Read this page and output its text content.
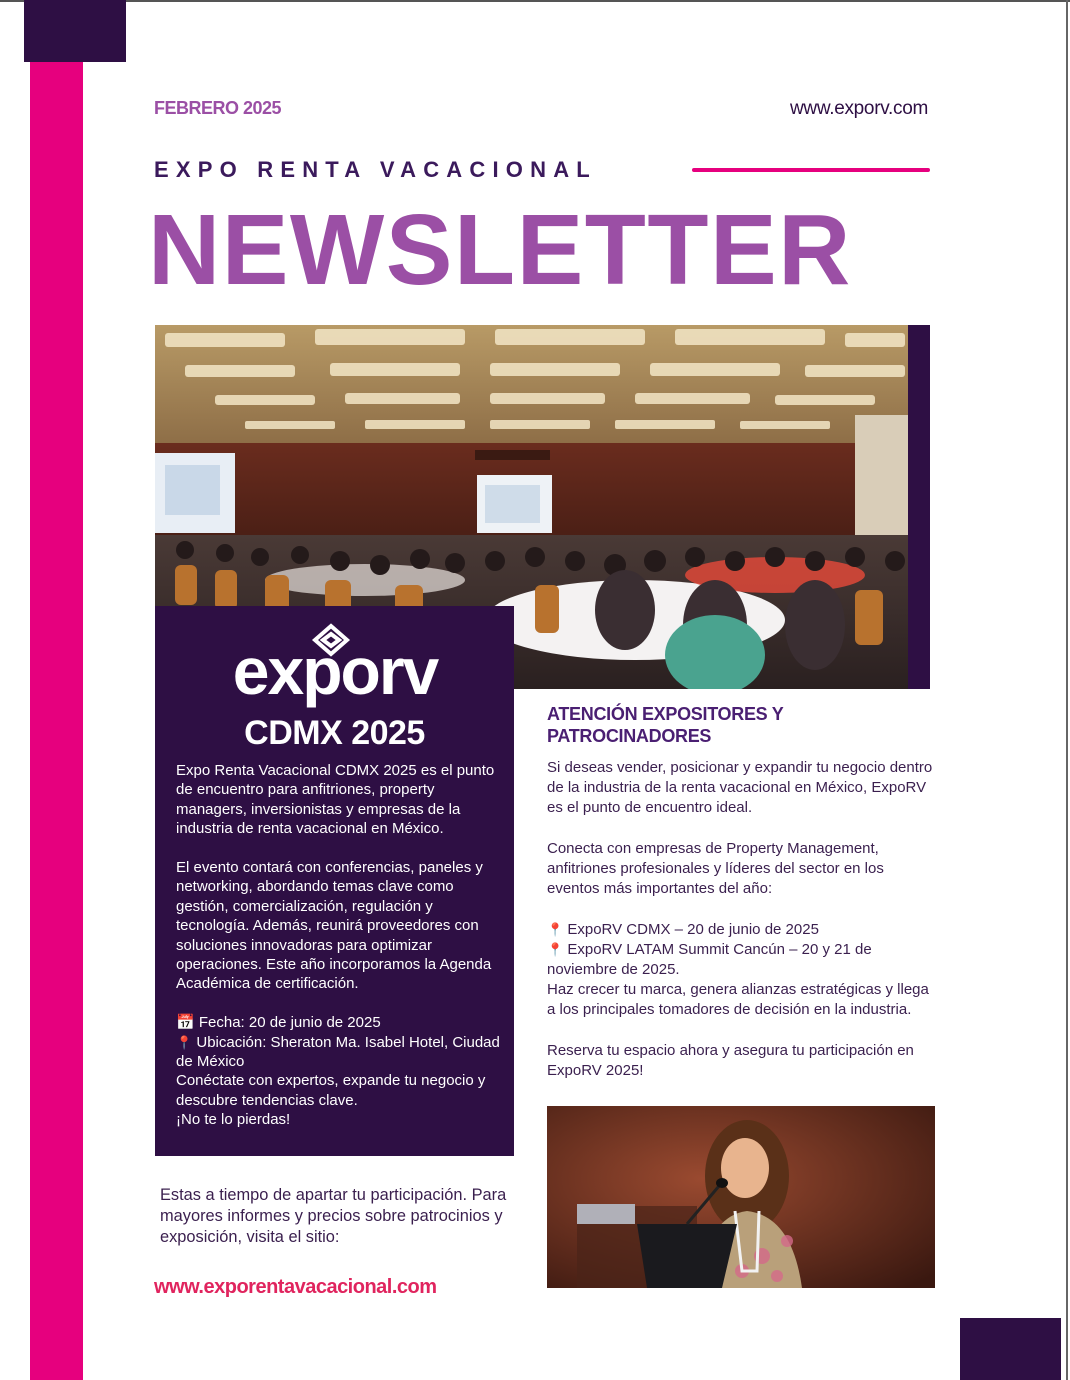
FEBRERO 2025	www.exporv.com
EXPO RENTA VACACIONAL
NEWSLETTER
exporv
CDMX 2025

Expo Renta Vacacional CDMX 2025 es el punto de encuentro para anfitriones, property managers, inversionistas y empresas de la industria de renta vacacional en México.

El evento contará con conferencias, paneles y networking, abordando temas clave como gestión, comercialización, regulación y tecnología. Además, reunirá proveedores con soluciones innovadoras para optimizar operaciones. Este año incorporamos la Agenda Académica de certificación.

📅 Fecha: 20 de junio de 2025
📍 Ubicación: Sheraton Ma. Isabel Hotel, Ciudad de México
Conéctate con expertos, expande tu negocio y descubre tendencias clave.
¡No te lo pierdas!
Estas a tiempo de apartar tu participación. Para mayores informes y precios sobre patrocinios y exposición, visita el sitio:
www.exporentavacacional.com
ATENCIÓN EXPOSITORES Y PATROCINADORES

Si deseas vender, posicionar y expandir tu negocio dentro de la industria de la renta vacacional en México, ExpoRV es el punto de encuentro ideal.

Conecta con empresas de Property Management, anfitriones profesionales y líderes del sector en los eventos más importantes del año:

📍 ExpoRV CDMX – 20 de junio de 2025
📍 ExpoRV LATAM Summit Cancún – 20 y 21 de noviembre de 2025.

Haz crecer tu marca, genera alianzas estratégicas y llega a los principales tomadores de decisión en la industria.

Reserva tu espacio ahora y asegura tu participación en ExpoRV 2025!
